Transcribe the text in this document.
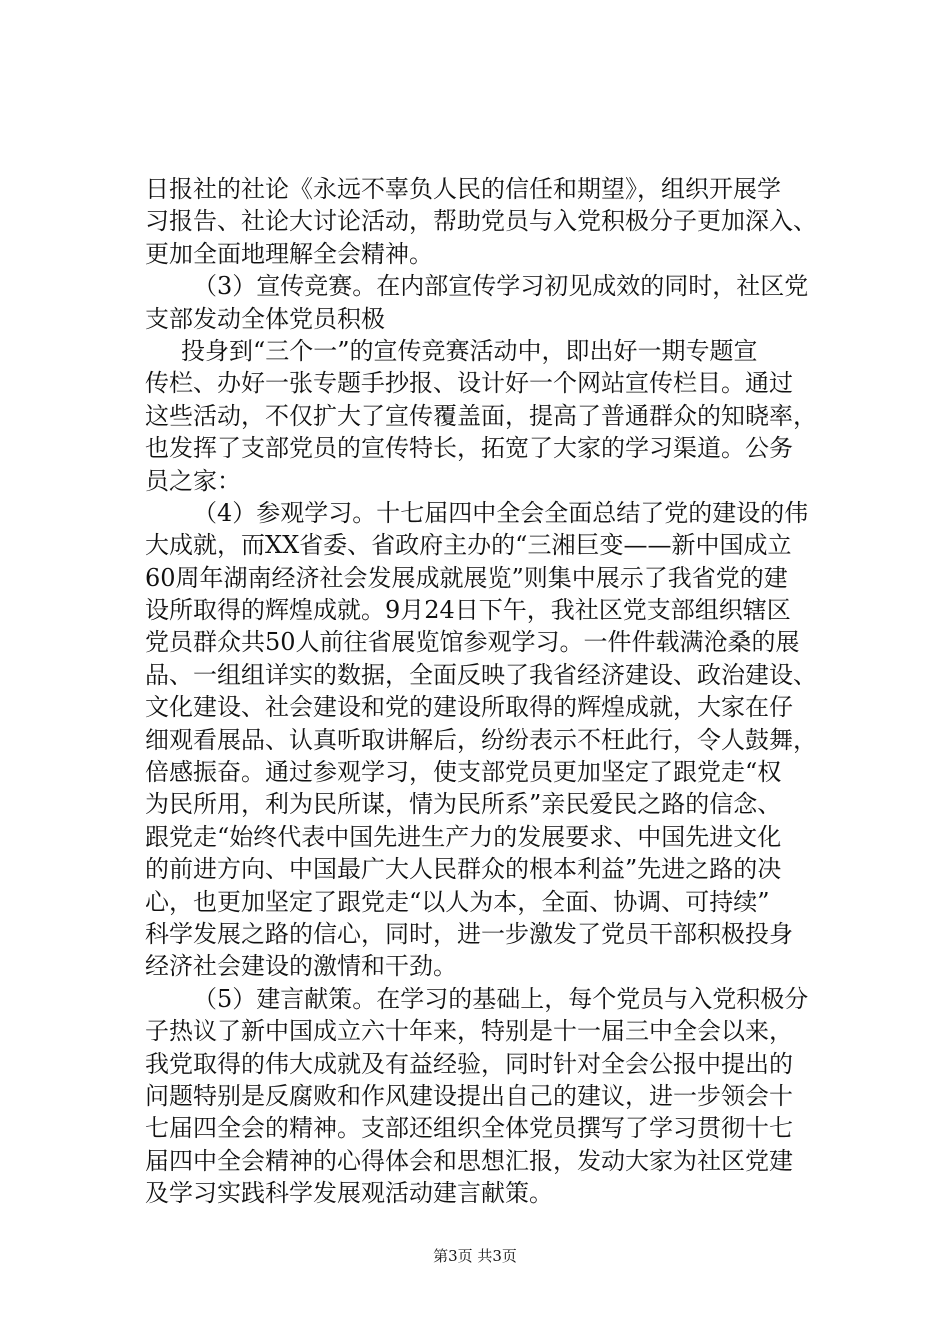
日报社的社论《永远不辜负人民的信任和期望》，组织开展学
习报告、社论大讨论活动，帮助党员与入党积极分子更加深入、
更加全面地理解全会精神。
（3）宣传竞赛。在内部宣传学习初见成效的同时，社区党
支部发动全体党员积极
投身到“三个一”的宣传竞赛活动中，即出好一期专题宣
传栏、办好一张专题手抄报、设计好一个网站宣传栏目。通过
这些活动，不仅扩大了宣传覆盖面，提高了普通群众的知晓率，
也发挥了支部党员的宣传特长，拓宽了大家的学习渠道。公务
员之家：
（4）参观学习。十七届四中全会全面总结了党的建设的伟
大成就，而XX省委、省政府主办的“三湘巨变——新中国成立
60周年湖南经济社会发展成就展览”则集中展示了我省党的建
设所取得的辉煌成就。9月24日下午，我社区党支部组织辖区
党员群众共50人前往省展览馆参观学习。一件件载满沧桑的展
品、一组组详实的数据，全面反映了我省经济建设、政治建设、
文化建设、社会建设和党的建设所取得的辉煌成就，大家在仔
细观看展品、认真听取讲解后，纷纷表示不枉此行，令人鼓舞，
倍感振奋。通过参观学习，使支部党员更加坚定了跟党走“权
为民所用，利为民所谋，情为民所系”亲民爱民之路的信念、
跟党走“始终代表中国先进生产力的发展要求、中国先进文化
的前进方向、中国最广大人民群众的根本利益”先进之路的决
心，也更加坚定了跟党走“以人为本，全面、协调、可持续”
科学发展之路的信心，同时，进一步激发了党员干部积极投身
经济社会建设的激情和干劲。
（5）建言献策。在学习的基础上，每个党员与入党积极分
子热议了新中国成立六十年来，特别是十一届三中全会以来，
我党取得的伟大成就及有益经验，同时针对全会公报中提出的
问题特别是反腐败和作风建设提出自己的建议，进一步领会十
七届四全会的精神。支部还组织全体党员撰写了学习贯彻十七
届四中全会精神的心得体会和思想汇报，发动大家为社区党建
及学习实践科学发展观活动建言献策。
第3页 共3页
